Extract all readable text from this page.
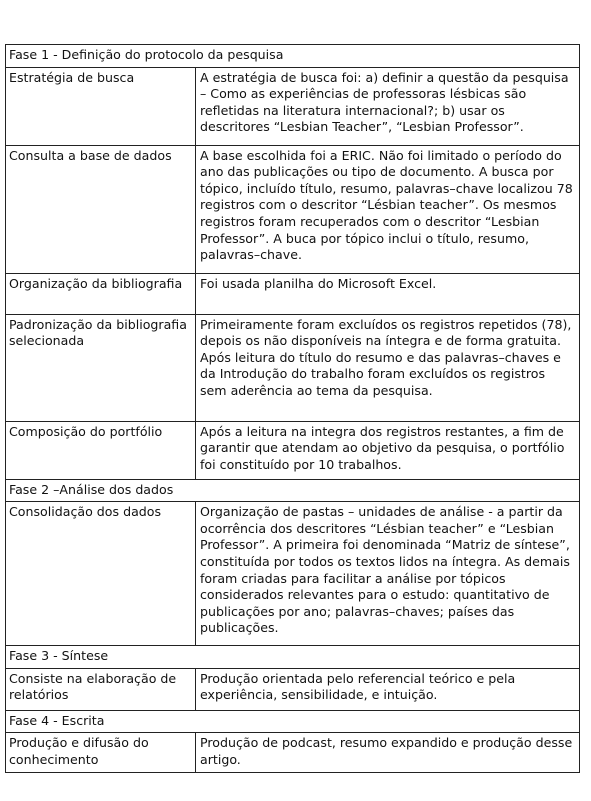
Fase 1 - Definição do protocolo da pesquisa	
Estratégia de busca	A estratégia de busca foi: a) definir a questão da pesquisa – Como as experiências de professoras lésbicas são refletidas na literatura internacional?; b) usar os descritores “Lesbian Teacher”, “Lesbian Professor”.
Consulta a base de dados	A base escolhida foi a ERIC. Não foi limitado o período do ano das publicações ou tipo de documento. A busca por tópico, incluído título, resumo, palavras–chave localizou 78 registros com o descritor “Lésbian teacher”. Os mesmos registros foram recuperados com o descritor “Lesbian Professor”. A buca por tópico inclui o título, resumo, palavras–chave.
Organização da bibliografia	Foi usada planilha do Microsoft Excel.
Padronização da bibliografia selecionada	Primeiramente foram excluídos os registros repetidos (78), depois os não disponíveis na íntegra e de forma gratuita. Após leitura do título do resumo e das palavras–chaves e da Introdução do trabalho foram excluídos os registros sem aderência ao tema da pesquisa.
Composição do portfólio	Após a leitura na integra dos registros restantes, a fim de garantir que atendam ao objetivo da pesquisa, o portfólio foi constituído por 10 trabalhos.
Fase 2 –Análise dos dados	
Consolidação dos dados	Organização de pastas – unidades de análise - a partir da ocorrência dos descritores “Lésbian teacher” e “Lesbian Professor”. A primeira foi denominada “Matriz de síntese”, constituída por todos os textos lidos na íntegra. As demais foram criadas para facilitar a análise por tópicos considerados relevantes para o estudo: quantitativo de publicações por ano; palavras–chaves; países das publicações.
Fase 3 - Síntese	
Consiste na elaboração de relatórios	Produção orientada pelo referencial teórico e pela experiência, sensibilidade, e intuição.
Fase 4 - Escrita	
Produção e difusão do conhecimento	Produção de podcast, resumo expandido e produção desse artigo.
